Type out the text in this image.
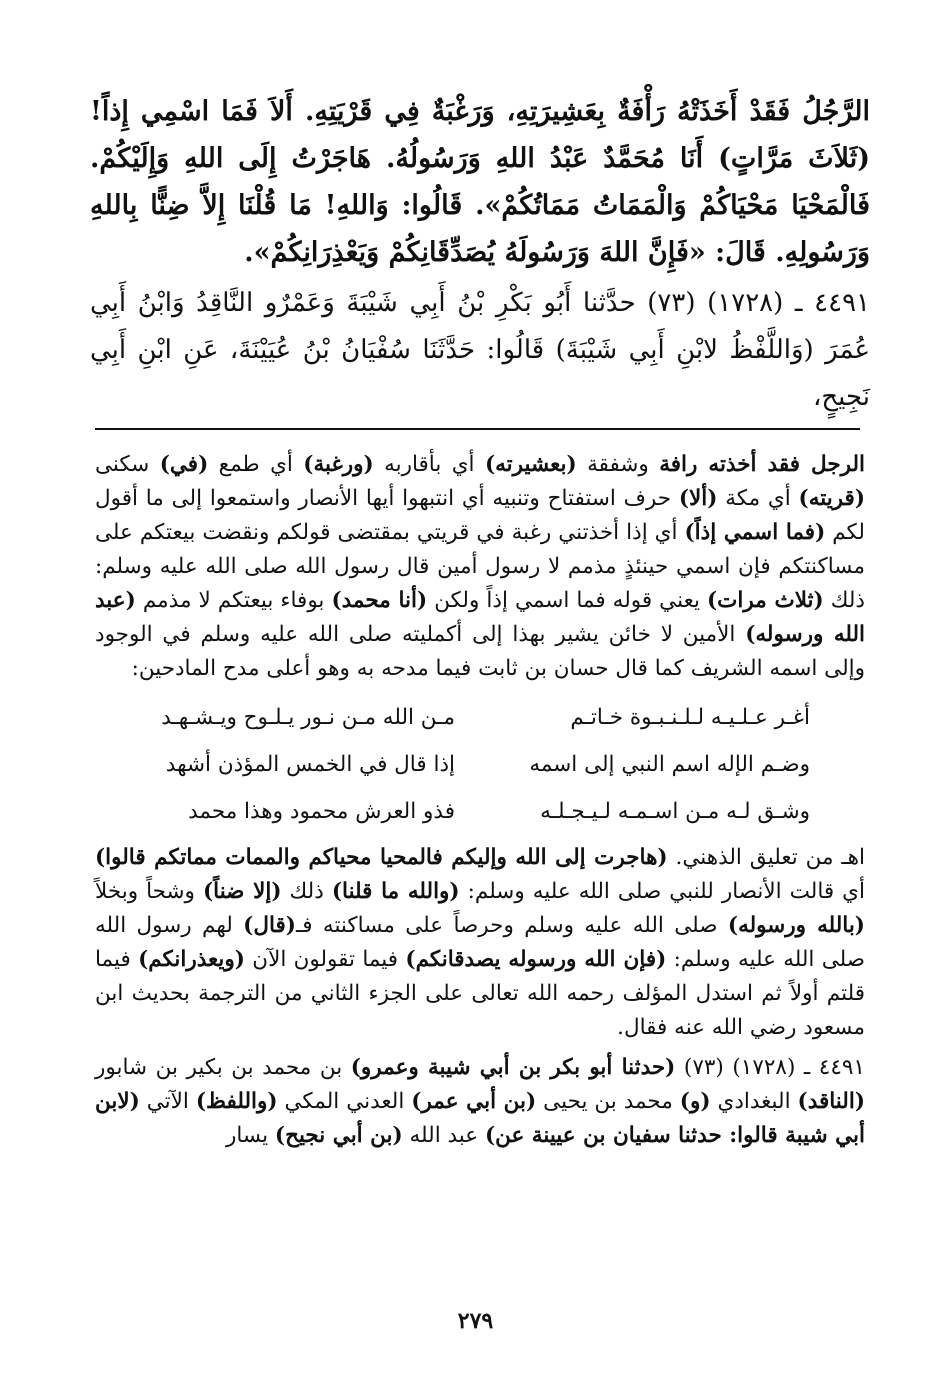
الرَّجُلُ فَقَدْ أَخَذَتْهُ رَأْفَةٌ بِعَشِيرَتِهِ، وَرَغْبَةٌ فِي قَرْيَتِهِ. أَلاَ فَمَا اسْمِي إِذاً! (ثَلاَثَ مَرَّاتٍ) أَنَا مُحَمَّدٌ عَبْدُ اللهِ وَرَسُولُهُ. هَاجَرْتُ إِلَى اللهِ وَإِلَيْكُمْ. فَالْمَحْيَا مَحْيَاكُمْ وَالْمَمَاتُ مَمَاتُكُمْ». قَالُوا: وَاللهِ! مَا قُلْنَا إِلاَّ ضِنًّا بِاللهِ وَرَسُولِهِ. قَالَ: «فَإِنَّ اللهَ وَرَسُولَهُ يُصَدِّقَانِكُمْ وَيَعْذِرَانِكُمْ».

٤٤٩١ ـ (١٧٢٨) (٧٣) حدَّثنا أَبُو بَكْرِ بْنُ أَبِي شَيْبَةَ وَعَمْرٌو النَّاقِدُ وَابْنُ أَبِي عُمَرَ (وَاللَّفْظُ لابْنِ أَبِي شَيْبَةَ) قَالُوا: حَدَّثَنَا سُفْيَانُ بْنُ عُيَيْنَةَ، عَنِ ابْنِ أَبِي نَجِيحٍ،

الرجل فقد أخذته رافة وشفقة (بعشيرته) أي بأقاربه (ورغبة) أي طمع (في) سكنى (قريته) أي مكة (ألا) حرف استفتاح وتنبيه أي انتبهوا أيها الأنصار واستمعوا إلى ما أقول لكم (فما اسمي إذاً) أي إذا أخذتني رغبة في قريتي بمقتضى قولكم ونقضت بيعتكم على مساكنتكم فإن اسمي حينئذٍ مذمم لا رسول أمين قال رسول الله صلى الله عليه وسلم: ذلك (ثلاث مرات) يعني قوله فما اسمي إذاً ولكن (أنا محمد) بوفاء بيعتكم لا مذمم (عبد الله ورسوله) الأمين لا خائن يشير بهذا إلى أكمليته صلى الله عليه وسلم في الوجود وإلى اسمه الشريف كما قال حسان بن ثابت فيما مدحه به وهو أعلى مدح المادحين:

أغـر عـلـيـه لـلـنـبـوة خـاتـم
مـن الله مـن نـور يـلـوح ويـشـهـد
وضـم الإله اسم النبي إلى اسمه
إذا قال في الخمس المؤذن أشهد
وشـق لـه مـن اسـمـه لـيـجـلـه
فذو العرش محمود وهذا محمد

اهـ من تعليق الذهني. (هاجرت إلى الله وإليكم فالمحيا محياكم والممات مماتكم قالوا) أي قالت الأنصار للنبي صلى الله عليه وسلم: (والله ما قلنا) ذلك (إلا ضناً) وشحاً وبخلاً (بالله ورسوله) صلى الله عليه وسلم وحرصاً على مساكنته فـ(قال) لهم رسول الله صلى الله عليه وسلم: (فإن الله ورسوله يصدقانكم) فيما تقولون الآن (ويعذرانكم) فيما قلتم أولاً ثم استدل المؤلف رحمه الله تعالى على الجزء الثاني من الترجمة بحديث ابن مسعود رضي الله عنه فقال.

٤٤٩١ ـ (١٧٢٨) (٧٣) (حدثنا أبو بكر بن أبي شيبة وعمرو) بن محمد بن بكير بن شابور (الناقد) البغدادي (و) محمد بن يحيى (بن أبي عمر) العدني المكي (واللفظ) الآتي (لابن أبي شيبة قالوا: حدثنا سفيان بن عيينة عن) عبد الله (بن أبي نجيح) يسار

٢٧٩
